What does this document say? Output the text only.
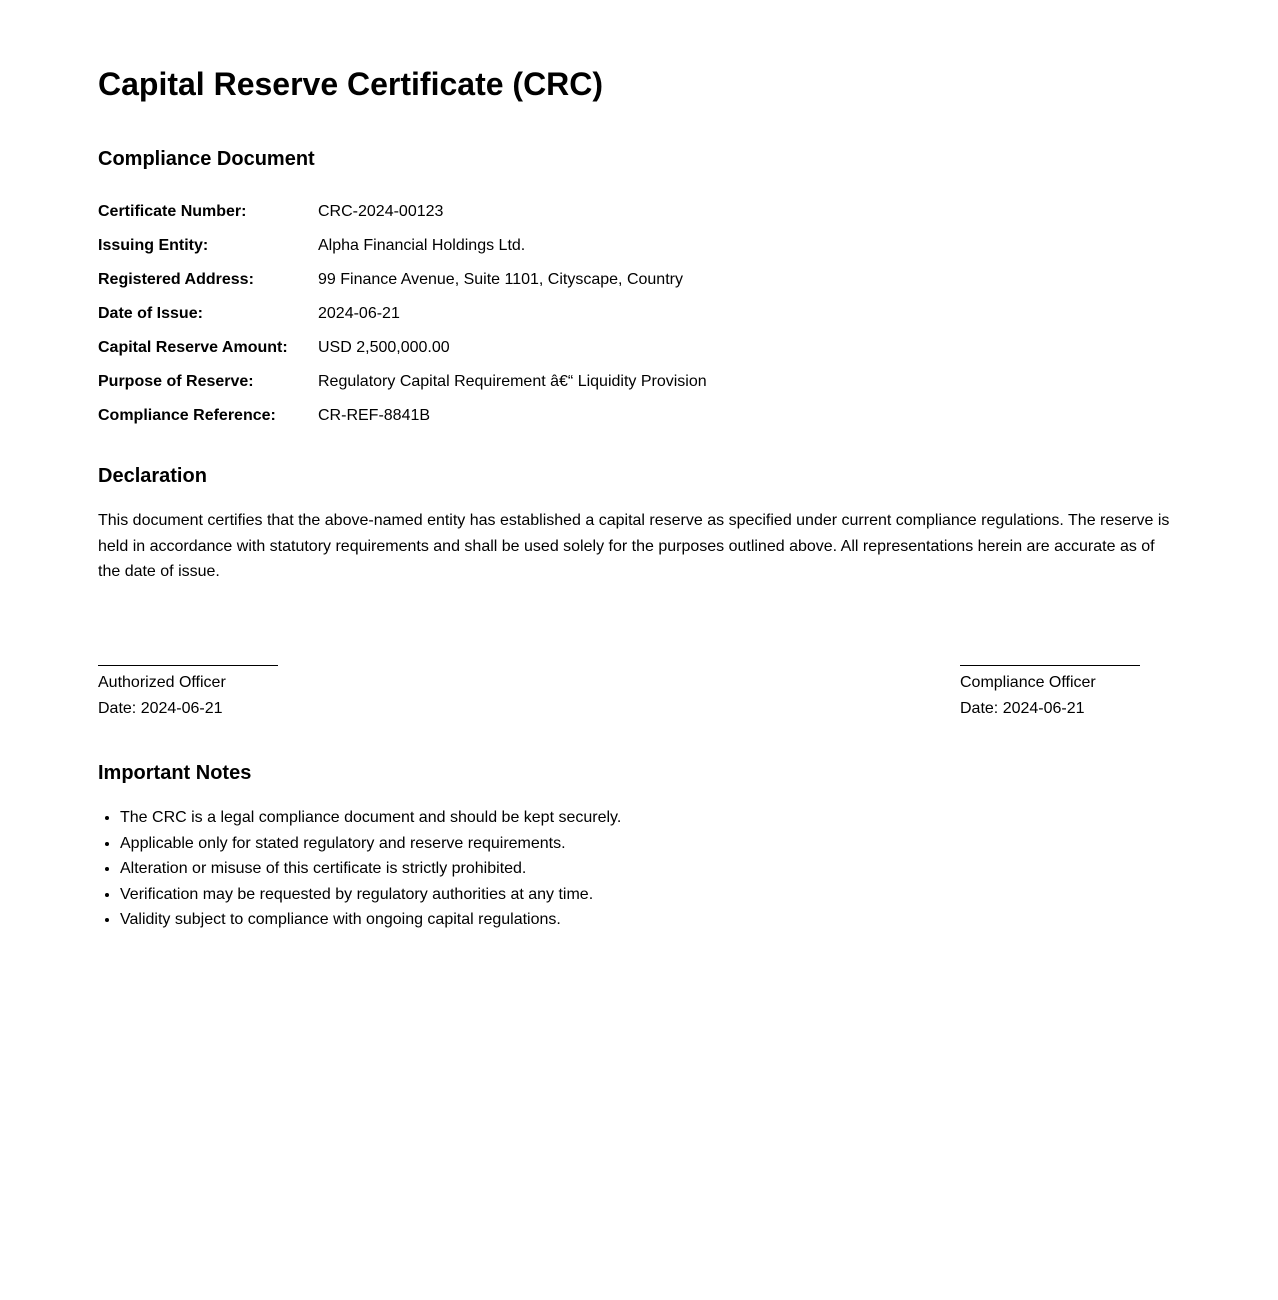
Capital Reserve Certificate (CRC)
Compliance Document
Certificate Number:	CRC-2024-00123
Issuing Entity:	Alpha Financial Holdings Ltd.
Registered Address:	99 Finance Avenue, Suite 1101, Cityscape, Country
Date of Issue:	2024-06-21
Capital Reserve Amount:	USD 2,500,000.00
Purpose of Reserve:	Regulatory Capital Requirement â€“ Liquidity Provision
Compliance Reference:	CR-REF-8841B
Declaration

This document certifies that the above-named entity has established a capital reserve as specified under current compliance regulations. The reserve is held in accordance with statutory requirements and shall be used solely for the purposes outlined above. All representations herein are accurate as of the date of issue.

Authorized Officer
Date: 2024-06-21
Compliance Officer
Date: 2024-06-21
Important Notes
• The CRC is a legal compliance document and should be kept securely.
• Applicable only for stated regulatory and reserve requirements.
• Alteration or misuse of this certificate is strictly prohibited.
• Verification may be requested by regulatory authorities at any time.
• Validity subject to compliance with ongoing capital regulations.
